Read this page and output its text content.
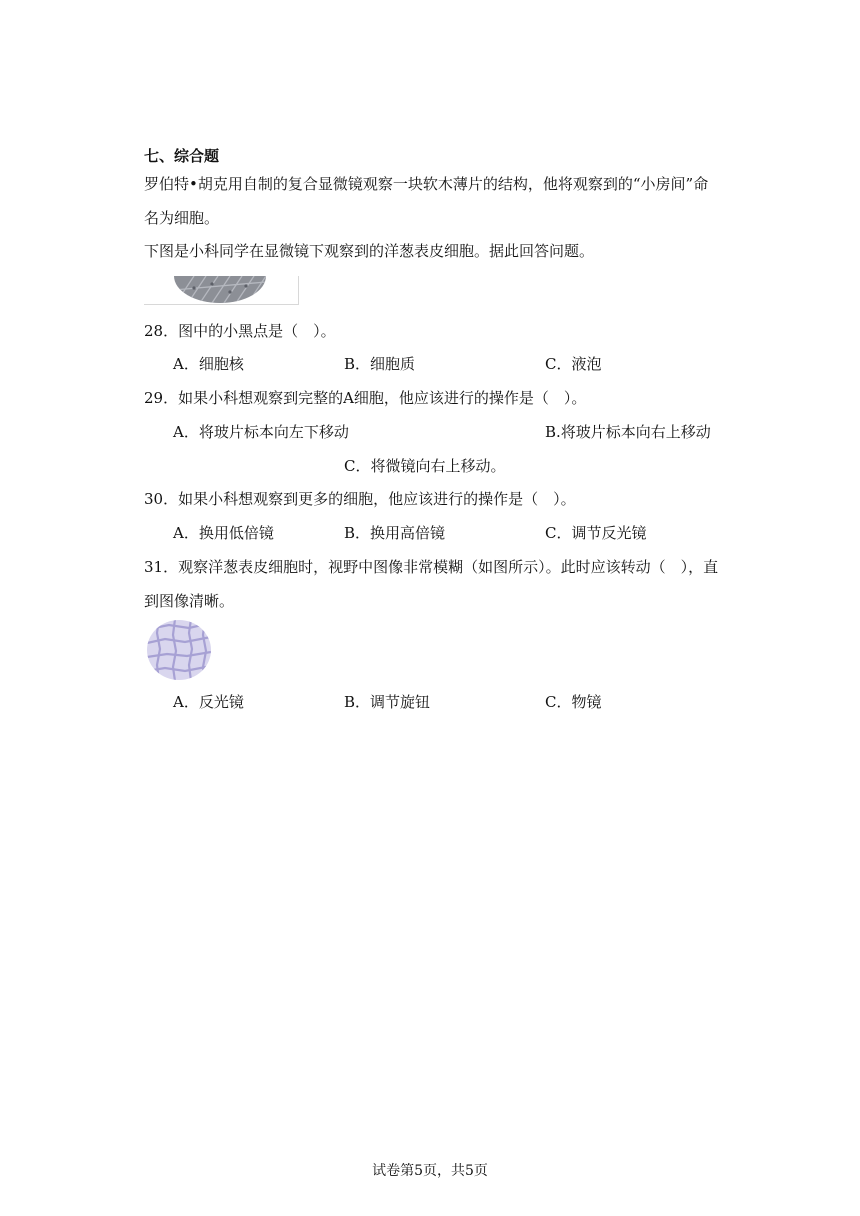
七、综合题
罗伯特•胡克用自制的复合显微镜观察一块软木薄片的结构，他将观察到的“小房间”命
名为细胞。
下图是小科同学在显微镜下观察到的洋葱表皮细胞。据此回答问题。
28．图中的小黑点是（　）。
A．细胞核	B．细胞质	C．液泡
29．如果小科想观察到完整的A细胞，他应该进行的操作是（　）。
A．将玻片标本向左下移动	B.将玻片标本向右上移动
C．将微镜向右上移动。
30．如果小科想观察到更多的细胞，他应该进行的操作是（　）。
A．换用低倍镜	B．换用高倍镜	C．调节反光镜
31．观察洋葱表皮细胞时，视野中图像非常模糊（如图所示）。此时应该转动（　），直
到图像清晰。
A．反光镜	B．调节旋钮	C．物镜
试卷第5页，共5页
